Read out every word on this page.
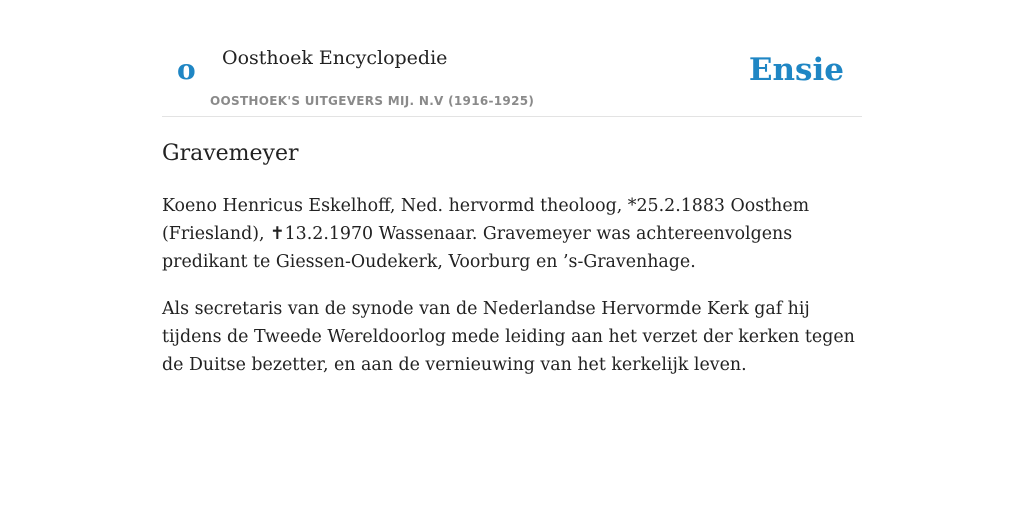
o Oosthoek Encyclopedie
OOSTHOEK'S UITGEVERS MIJ. N.V (1916-1925)
Ensie
Gravemeyer

Koeno Henricus Eskelhoff, Ned. hervormd theoloog, *25.2.1883 Oosthem (Friesland), ✝13.2.1970 Wassenaar. Gravemeyer was achtereenvolgens predikant te Giessen-Oudekerk, Voorburg en ’s-Gravenhage.

Als secretaris van de synode van de Nederlandse Hervormde Kerk gaf hij tijdens de Tweede Wereldoorlog mede leiding aan het verzet der kerken tegen de Duitse bezetter, en aan de vernieuwing van het kerkelijk leven.
